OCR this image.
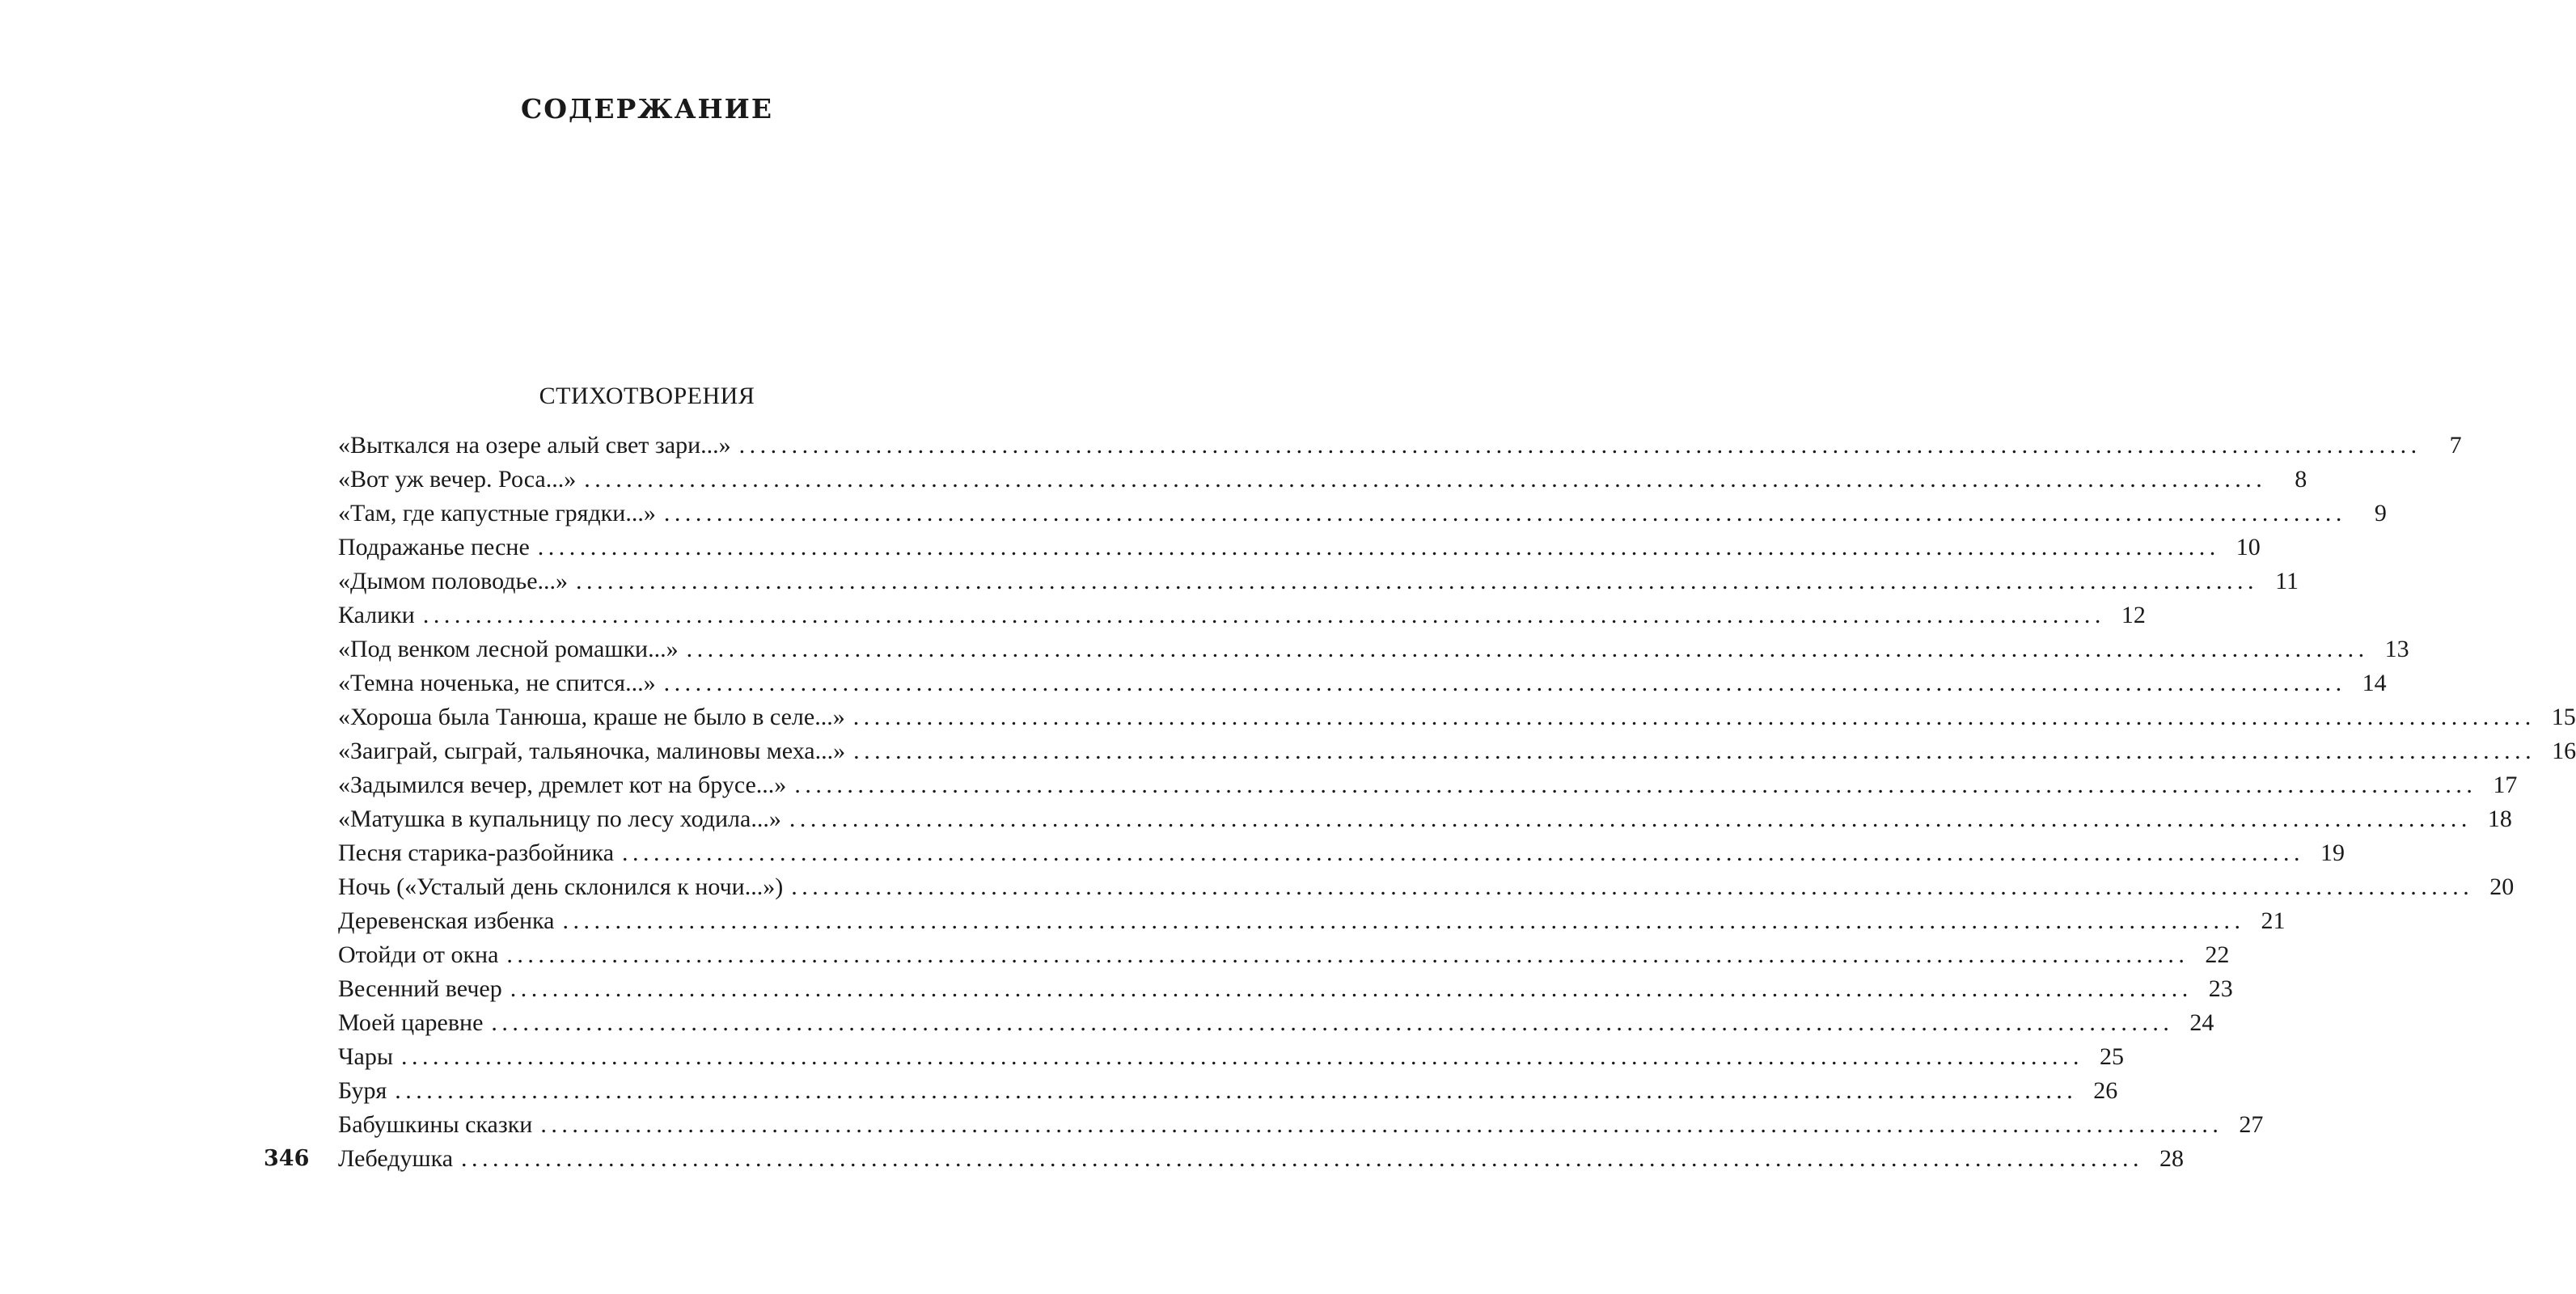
СОДЕРЖАНИЕ
СТИХОТВОРЕНИЯ
«Выткался на озере алый свет зари...» ................................................................................................................................................................	7
«Вот уж вечер. Роса...» ................................................................................................................................................................	8
«Там, где капустные грядки...» ................................................................................................................................................................	9
Подражанье песне ................................................................................................................................................................ 10
«Дымом половодье...» ................................................................................................................................................................ 11
Калики ................................................................................................................................................................ 12
«Под венком лесной ромашки...» ................................................................................................................................................................ 13
«Темна ноченька, не спится...» ................................................................................................................................................................ 14
«Хороша была Танюша, краше не было в селе...» ................................................................................................................................................................ 15
«Заиграй, сыграй, тальяночка, малиновы меха...» ................................................................................................................................................................ 16
«Задымился вечер, дремлет кот на брусе...» ................................................................................................................................................................ 17
«Матушка в купальницу по лесу ходила...» ................................................................................................................................................................ 18
Песня старика-разбойника ................................................................................................................................................................ 19
Ночь («Усталый день склонился к ночи...») ................................................................................................................................................................ 20
Деревенская избенка ................................................................................................................................................................ 21
Отойди от окна ................................................................................................................................................................ 22
Весенний вечер ................................................................................................................................................................ 23
Моей царевне ................................................................................................................................................................ 24
Чары ................................................................................................................................................................ 25
Буря ................................................................................................................................................................ 26
Бабушкины сказки ................................................................................................................................................................ 27
Лебедушка ................................................................................................................................................................ 28
346
